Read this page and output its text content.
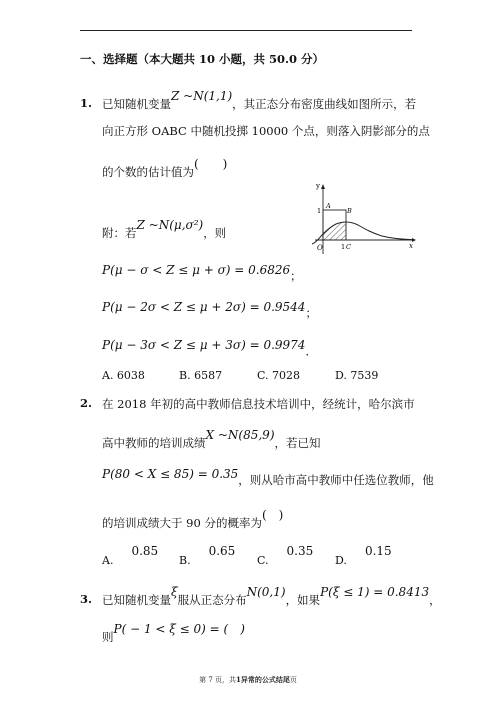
一、选择题（本大题共 10 小题，共 50.0 分）
1. 已知随机变量Z ~N(1,1)，其正态分布密度曲线如图所示，若
向正方形 OABC 中随机投掷 10000 个点，则落入阴影部分的点
的个数的估计值为(　　)
y
x
O
A
B
C
1
1
附：若Z ~N(μ,σ²)，则
$P(\mu - \sigma < Z \le \mu + \sigma) = 0.6826_;$
$P(\mu - 2\sigma < Z \le \mu + 2\sigma) = 0.9544_;$
$P(\mu - 3\sigma < Z \le \mu + 3\sigma) = 0.9974_.$
A. 6038	B. 6587	C. 7028	D. 7539
2. 在 2018 年初的高中教师信息技术培训中，经统计，哈尔滨市
高中教师的培训成绩X ~N(85,9)，若已知
$P(80 < X \le 85) = 0.35_{,则从哈市高中教师中任选位教师,他}$
的培训成绩大于 90 分的概率为(　)
A.0.85
B.0.65
C.0.35
D.0.15
3. 已知随机变量ξ服从正态分布N(0,1)，如果P(ξ ≤ 1) = 0.8413，
则P( − 1 < ξ ≤ 0) = (　)
第 7 页，共1异常的公式结尾页
